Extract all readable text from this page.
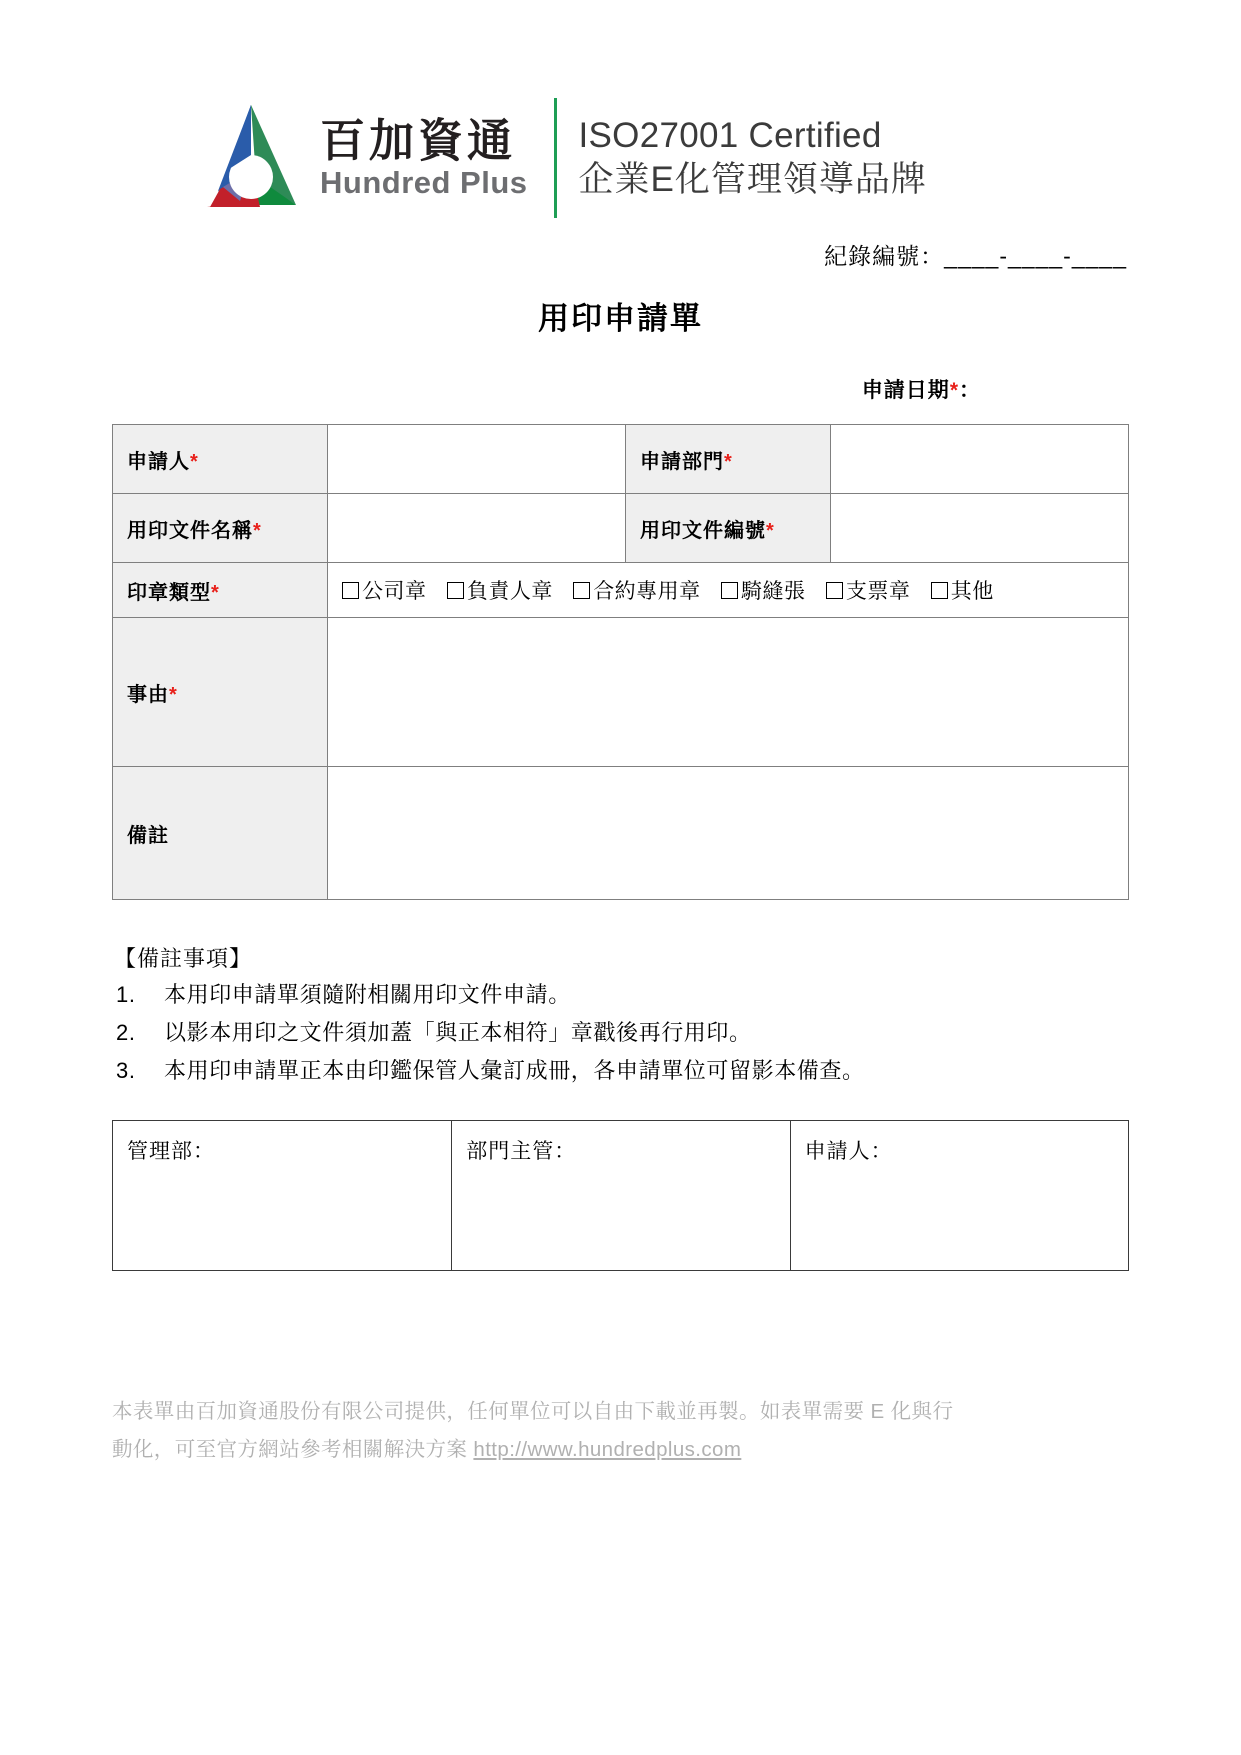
百加資通
Hundred Plus
ISO27001 Certified
企業E化管理領導品牌
紀錄編號：____-____-____
用印申請單
申請日期*：
申請人*		申請部門*	
用印文件名稱*		用印文件編號*	
印章類型*	公司章 負責人章 合約專用章 騎縫張 支票章 其他		

事由*			
備註			
【備註事項】
1.	本用印申請單須隨附相關用印文件申請。
2.	以影本用印之文件須加蓋「與正本相符」章戳後再行用印。
3.	本用印申請單正本由印鑑保管人彙訂成冊，各申請單位可留影本備查。
管理部：	部門主管：	申請人：
本表單由百加資通股份有限公司提供，任何單位可以自由下載並再製。如表單需要 E 化與行
動化，可至官方網站參考相關解決方案 http://www.hundredplus.com
